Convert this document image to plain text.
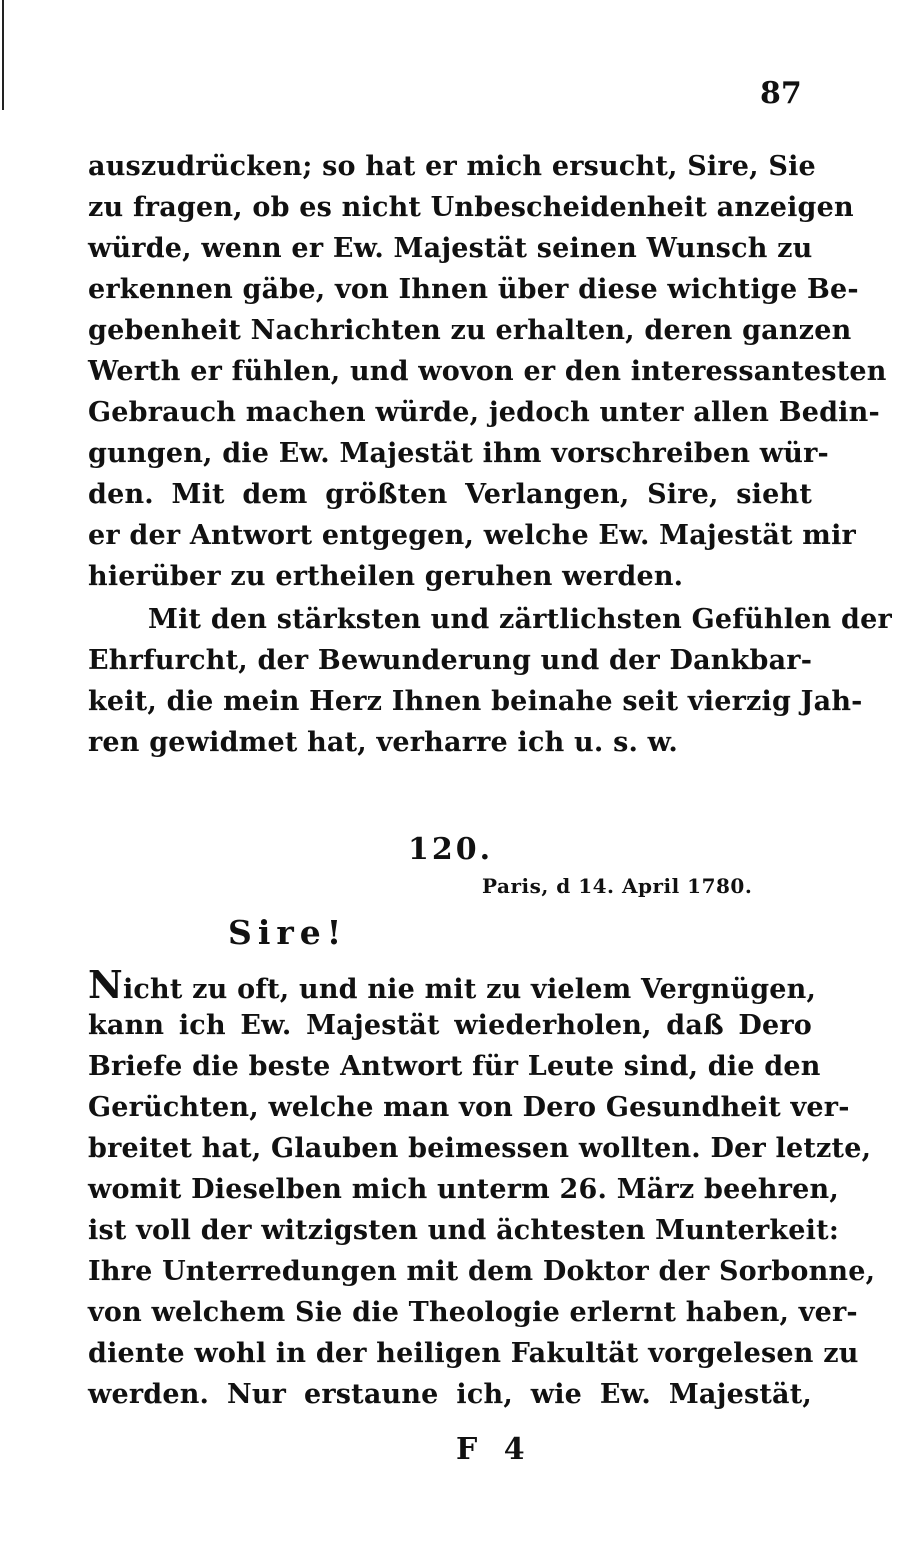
87
auszudrücken; so hat er mich ersucht, Sire, Sie
zu fragen, ob es nicht Unbescheidenheit anzeigen
würde, wenn er Ew. Majestät seinen Wunsch zu
erkennen gäbe, von Ihnen über diese wichtige Be-
gebenheit Nachrichten zu erhalten, deren ganzen
Werth er fühlen, und wovon er den interessantesten
Gebrauch machen würde, jedoch unter allen Bedin-
gungen, die Ew. Majestät ihm vorschreiben wür-
den. Mit dem größten Verlangen, Sire, sieht
er der Antwort entgegen, welche Ew. Majestät mir
hierüber zu ertheilen geruhen werden.
Mit den stärksten und zärtlichsten Gefühlen der
Ehrfurcht, der Bewunderung und der Dankbar-
keit, die mein Herz Ihnen beinahe seit vierzig Jah-
ren gewidmet hat, verharre ich u. s. w.
120.
Paris, d 14. April 1780.
Sire!
Nicht zu oft, und nie mit zu vielem Vergnügen,
kann ich Ew. Majestät wiederholen, daß Dero
Briefe die beste Antwort für Leute sind, die den
Gerüchten, welche man von Dero Gesundheit ver-
breitet hat, Glauben beimessen wollten. Der letzte,
womit Dieselben mich unterm 26. März beehren,
ist voll der witzigsten und ächtesten Munterkeit:
Ihre Unterredungen mit dem Doktor der Sorbonne,
von welchem Sie die Theologie erlernt haben, ver-
diente wohl in der heiligen Fakultät vorgelesen zu
werden. Nur erstaune ich, wie Ew. Majestät,
F 4
